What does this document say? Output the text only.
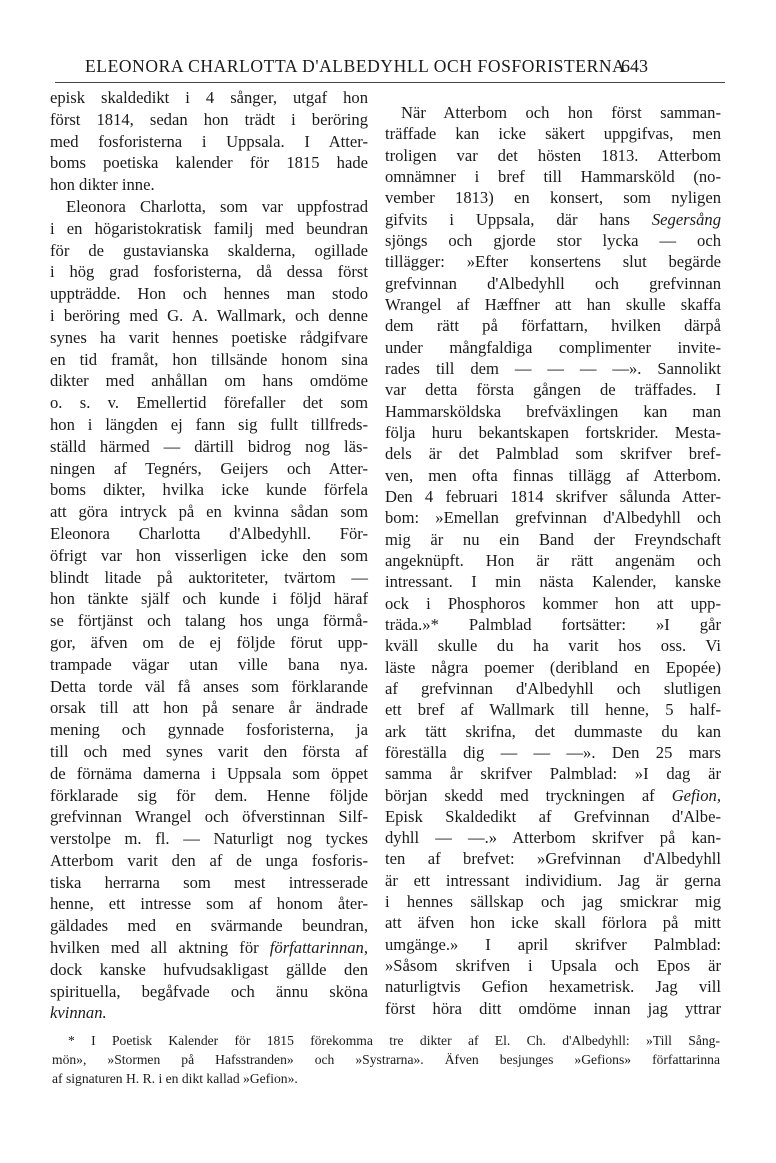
ELEONORA CHARLOTTA D'ALBEDYHLL OCH FOSFORISTERNA
643
episk skaldedikt i 4 sånger, utgaf hon
först 1814, sedan hon trädt i beröring
med fosforisterna i Uppsala. I Atter-
boms poetiska kalender för 1815 hade
hon dikter inne.
Eleonora Charlotta, som var uppfostrad
i en högaristokratisk familj med beundran
för de gustavianska skalderna, ogillade
i hög grad fosforisterna, då dessa först
uppträdde. Hon och hennes man stodo
i beröring med G. A. Wallmark, och denne
synes ha varit hennes poetiske rådgifvare
en tid framåt, hon tillsände honom sina
dikter med anhållan om hans omdöme
o. s. v. Emellertid förefaller det som
hon i längden ej fann sig fullt tillfreds-
ställd härmed — därtill bidrog nog läs-
ningen af Tegnérs, Geijers och Atter-
boms dikter, hvilka icke kunde förfela
att göra intryck på en kvinna sådan som
Eleonora Charlotta d'Albedyhll. För-
öfrigt var hon visserligen icke den som
blindt litade på auktoriteter, tvärtom —
hon tänkte själf och kunde i följd häraf
se förtjänst och talang hos unga förmå-
gor, äfven om de ej följde förut upp-
trampade vägar utan ville bana nya.
Detta torde väl få anses som förklarande
orsak till att hon på senare år ändrade
mening och gynnade fosforisterna, ja
till och med synes varit den första af
de förnäma damerna i Uppsala som öppet
förklarade sig för dem. Henne följde
grefvinnan Wrangel och öfverstinnan Silf-
verstolpe m. fl. — Naturligt nog tyckes
Atterbom varit den af de unga fosforis-
tiska herrarna som mest intresserade
henne, ett intresse som af honom åter-
gäldades med en svärmande beundran,
hvilken med all aktning för författarinnan,
dock kanske hufvudsakligast gällde den
spirituella, begåfvade och ännu sköna
kvinnan.
När Atterbom och hon först samman-
träffade kan icke säkert uppgifvas, men
troligen var det hösten 1813. Atterbom
omnämner i bref till Hammarsköld (no-
vember 1813) en konsert, som nyligen
gifvits i Uppsala, där hans Segersång
sjöngs och gjorde stor lycka — och
tillägger: »Efter konsertens slut begärde
grefvinnan d'Albedyhll och grefvinnan
Wrangel af Hæffner att han skulle skaffa
dem rätt på författarn, hvilken därpå
under mångfaldiga complimenter invite-
rades till dem — — — —». Sannolikt
var detta första gången de träffades. I
Hammarsköldska brefväxlingen kan man
följa huru bekantskapen fortskrider. Mesta-
dels är det Palmblad som skrifver bref-
ven, men ofta finnas tillägg af Atterbom.
Den 4 februari 1814 skrifver sålunda Atter-
bom: »Emellan grefvinnan d'Albedyhll och
mig är nu ein Band der Freyndschaft
angeknüpft. Hon är rätt angenäm och
intressant. I min nästa Kalender, kanske
ock i Phosphoros kommer hon att upp-
träda.»* Palmblad fortsätter: »I går
kväll skulle du ha varit hos oss. Vi
läste några poemer (deribland en Epopée)
af grefvinnan d'Albedyhll och slutligen
ett bref af Wallmark till henne, 5 half-
ark tätt skrifna, det dummaste du kan
föreställa dig — — —». Den 25 mars
samma år skrifver Palmblad: »I dag är
början skedd med tryckningen af Gefion,
Episk Skaldedikt af Grefvinnan d'Albe-
dyhll — —.» Atterbom skrifver på kan-
ten af brefvet: »Grefvinnan d'Albedyhll
är ett intressant individium. Jag är gerna
i hennes sällskap och jag smickrar mig
att äfven hon icke skall förlora på mitt
umgänge.» I april skrifver Palmblad:
»Såsom skrifven i Upsala och Epos är
naturligtvis Gefion hexametrisk. Jag vill
först höra ditt omdöme innan jag yttrar
* I Poetisk Kalender för 1815 förekomma tre dikter af El. Ch. d'Albedyhll: »Till Sång-
mön», »Stormen på Hafsstranden» och »Systrarna». Äfven besjunges »Gefions» författarinna
af signaturen H. R. i en dikt kallad »Gefion».
